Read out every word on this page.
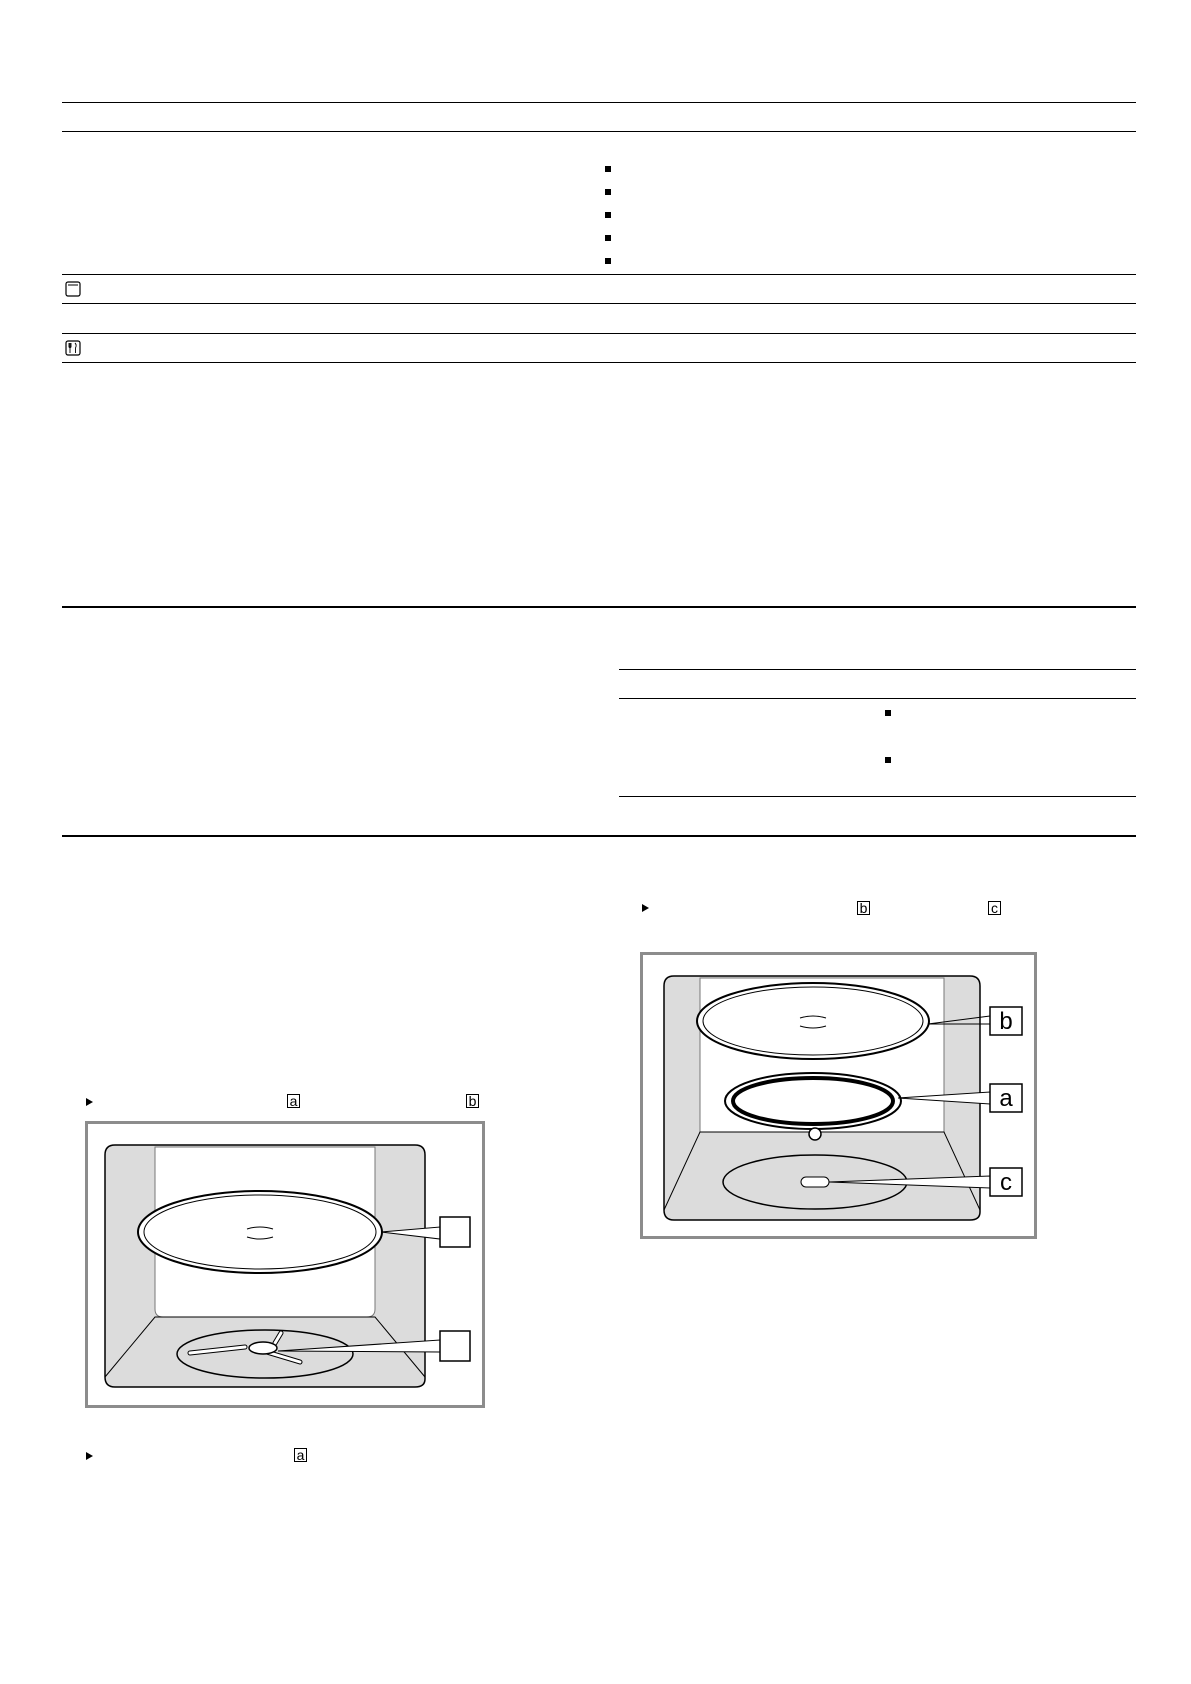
b	c
b
a
c
a	b
a
